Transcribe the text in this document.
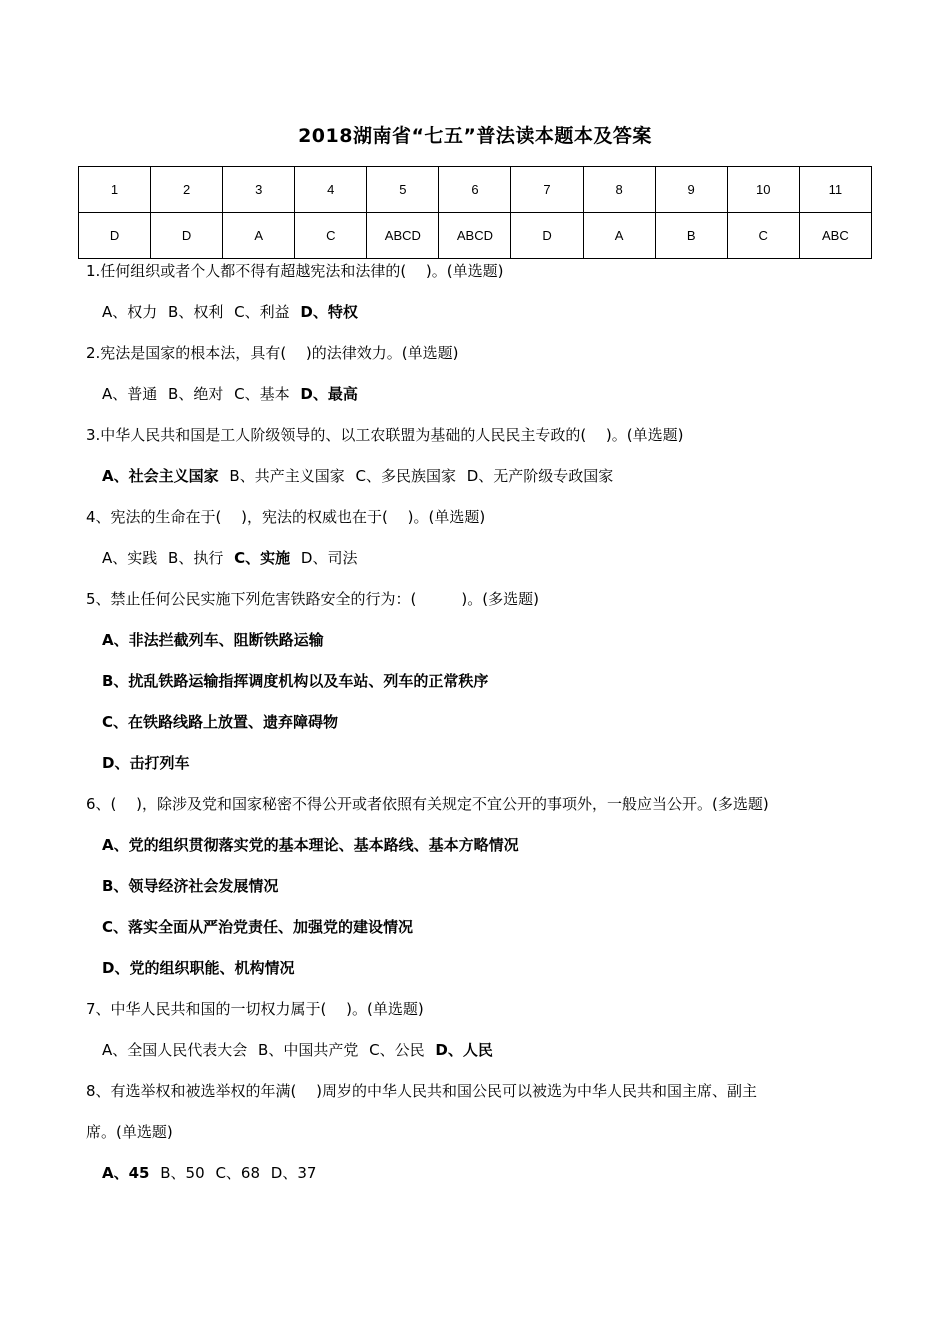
2018湖南省“七五”普法读本题本及答案
1	2	3	4	5	6	7	8	9	10	11
D	D	A	C	ABCD	ABCD	D	A	B	C	ABC
1.任何组织或者个人都不得有超越宪法和法律的(　 )。(单选题)
A、权力 B、权利 C、利益 D、特权
2.宪法是国家的根本法，具有(　 )的法律效力。(单选题)
A、普通 B、绝对 C、基本 D、最高
3.中华人民共和国是工人阶级领导的、以工农联盟为基础的人民民主专政的(　 )。(单选题)
A、社会主义国家 B、共产主义国家 C、多民族国家 D、无产阶级专政国家
4、宪法的生命在于(　 )，宪法的权威也在于(　 )。(单选题)
A、实践 B、执行 C、实施 D、司法
5、禁止任何公民实施下列危害铁路安全的行为：(　　　)。(多选题)
A、非法拦截列车、阻断铁路运输
B、扰乱铁路运输指挥调度机构以及车站、列车的正常秩序
C、在铁路线路上放置、遗弃障碍物
D、击打列车
6、(　 )，除涉及党和国家秘密不得公开或者依照有关规定不宜公开的事项外，一般应当公开。(多选题)
A、党的组织贯彻落实党的基本理论、基本路线、基本方略情况
B、领导经济社会发展情况
C、落实全面从严治党责任、加强党的建设情况
D、党的组织职能、机构情况
7、中华人民共和国的一切权力属于(　 )。(单选题)
A、全国人民代表大会 B、中国共产党 C、公民 D、人民
8、有选举权和被选举权的年满(　 )周岁的中华人民共和国公民可以被选为中华人民共和国主席、副主
席。(单选题)
A、45 B、50 C、68 D、37
